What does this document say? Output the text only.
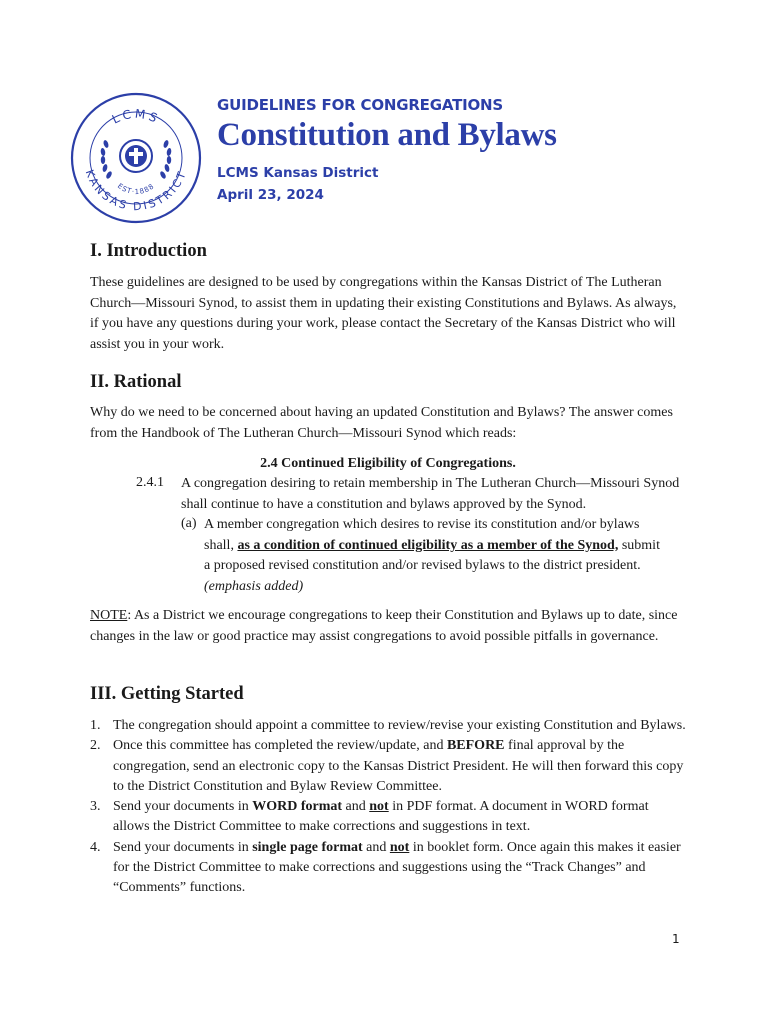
LCMS
KANSAS DISTRICT
EST·1888
GUIDELINES FOR CONGREGATIONS
Constitution and Bylaws
LCMS Kansas District
April 23, 2024
I. Introduction

These guidelines are designed to be used by congregations within the Kansas District of The Lutheran Church—Missouri Synod, to assist them in updating their existing Constitutions and Bylaws. As always, if you have any questions during your work, please contact the Secretary of the Kansas District who will assist you in your work.

II. Rational

Why do we need to be concerned about having an updated Constitution and Bylaws? The answer comes from the Handbook of The Lutheran Church—Missouri Synod which reads:

2.4 Continued Eligibility of Congregations.
2.4.1 A congregation desiring to retain membership in The Lutheran Church—Missouri Synod shall continue to have a constitution and bylaws approved by the Synod.
(a) A member congregation which desires to revise its constitution and/or bylaws shall, as a condition of continued eligibility as a member of the Synod, submit a proposed revised constitution and/or revised bylaws to the district president. (emphasis added)

NOTE: As a District we encourage congregations to keep their Constitution and Bylaws up to date, since changes in the law or good practice may assist congregations to avoid possible pitfalls in governance.

III. Getting Started
1. The congregation should appoint a committee to review/revise your existing Constitution and Bylaws.
2. Once this committee has completed the review/update, and BEFORE final approval by the congregation, send an electronic copy to the Kansas District President. He will then forward this copy to the District Constitution and Bylaw Review Committee.
3. Send your documents in WORD format and not in PDF format. A document in WORD format allows the District Committee to make corrections and suggestions in text.
4. Send your documents in single page format and not in booklet form. Once again this makes it easier for the District Committee to make corrections and suggestions using the “Track Changes” and “Comments” functions.
1
